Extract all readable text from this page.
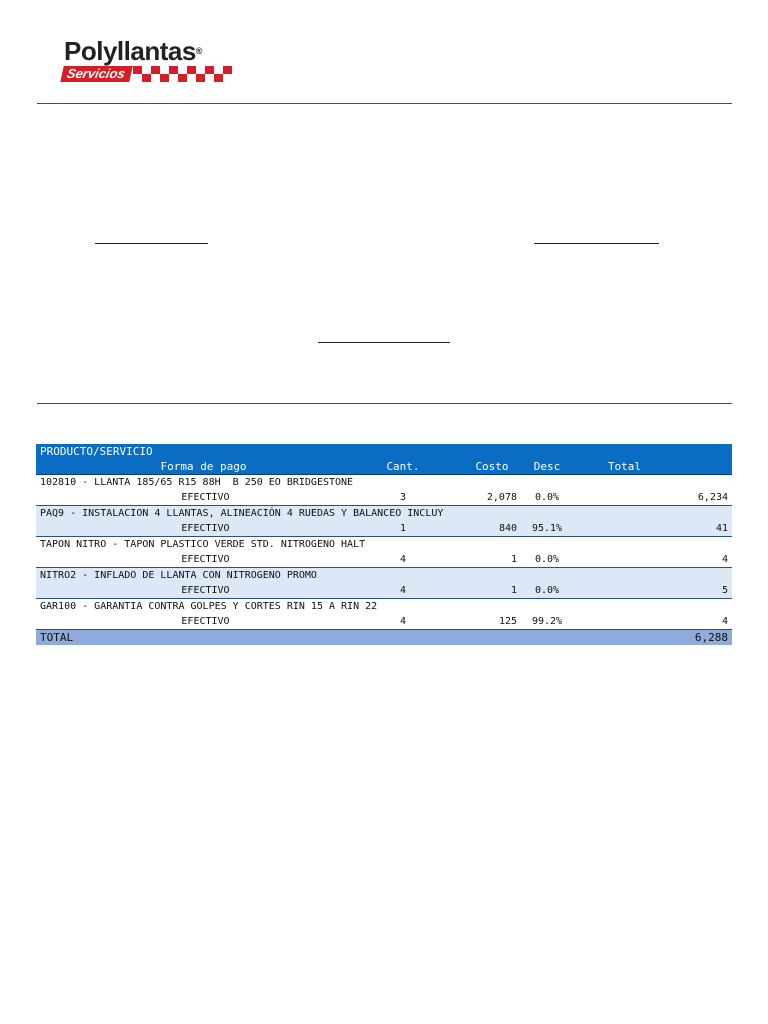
Polyllantas®
Servicios
PRODUCTO/SERVICIO				
Forma de pago	Cant.	Costo	Desc	Total
102810 - LLANTA 185/65 R15 88H  B 250 EO BRIDGESTONE				
EFECTIVO	3	2,078	0.0%	6,234
PAQ9 - INSTALACION 4 LLANTAS, ALINEACIÓN 4 RUEDAS Y BALANCEO INCLUY				
EFECTIVO	1	840	95.1%	41
TAPON NITRO - TAPON PLASTICO VERDE STD. NITROGENO HALT				
EFECTIVO	4	1	0.0%	4
NITRO2 - INFLADO DE LLANTA CON NITROGENO PROMO				
EFECTIVO	4	1	0.0%	5
GAR100 - GARANTIA CONTRA GOLPES Y CORTES RIN 15 A RIN 22				
EFECTIVO	4	125	99.2%	4
TOTAL				6,288
